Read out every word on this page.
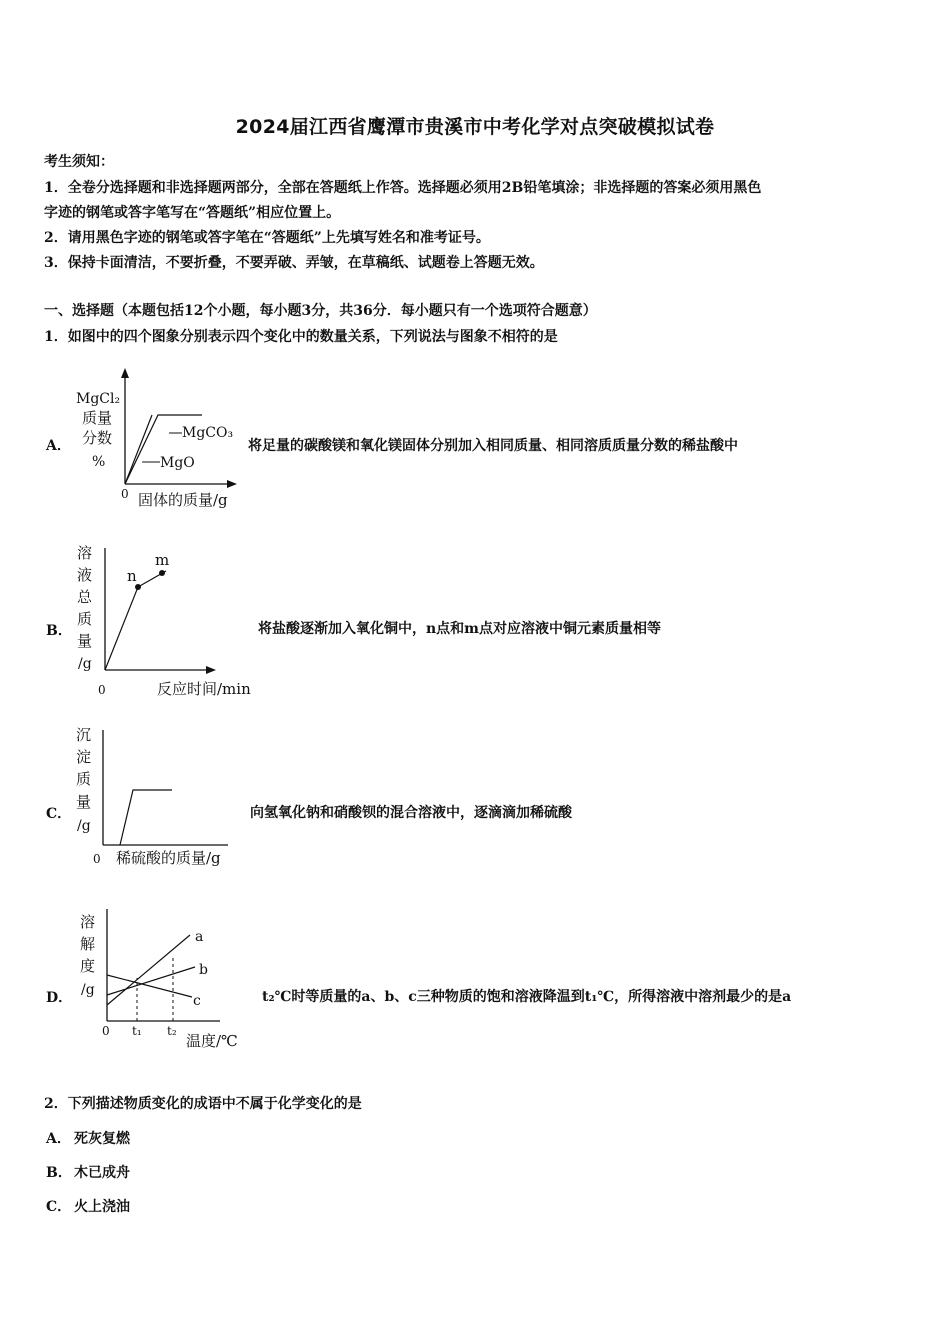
2024届江西省鹰潭市贵溪市中考化学对点突破模拟试卷
考生须知：
1．全卷分选择题和非选择题两部分，全部在答题纸上作答。选择题必须用2B铅笔填涂；非选择题的答案必须用黑色
字迹的钢笔或答字笔写在“答题纸”相应位置上。
2．请用黑色字迹的钢笔或答字笔在“答题纸”上先填写姓名和准考证号。
3．保持卡面清洁，不要折叠，不要弄破、弄皱，在草稿纸、试题卷上答题无效。
一、选择题（本题包括12个小题，每小题3分，共36分．每小题只有一个选项符合题意）
1．如图中的四个图象分别表示四个变化中的数量关系，下列说法与图象不相符的是
A．
MgCl₂
质量
分数
%
MgCO₃
MgO
0 固体的质量/g
将足量的碳酸镁和氧化镁固体分别加入相同质量、相同溶质质量分数的稀盐酸中
B．
n
m
溶
液
总
质
量
/g
0	反应时间/min
将盐酸逐渐加入氧化铜中，n点和m点对应溶液中铜元素质量相等
C．
沉
淀
质
量
/g
0 稀硫酸的质量/g
向氢氧化钠和硝酸钡的混合溶液中，逐滴滴加稀硫酸
D．
a
b
c
溶
解
度
/g
0 t₁ t₂
温度/℃
t₂℃时等质量的a、b、c三种物质的饱和溶液降温到t₁℃，所得溶液中溶剂最少的是a
2．下列描述物质变化的成语中不属于化学变化的是
A． 死灰复燃
B． 木已成舟
C． 火上浇油
